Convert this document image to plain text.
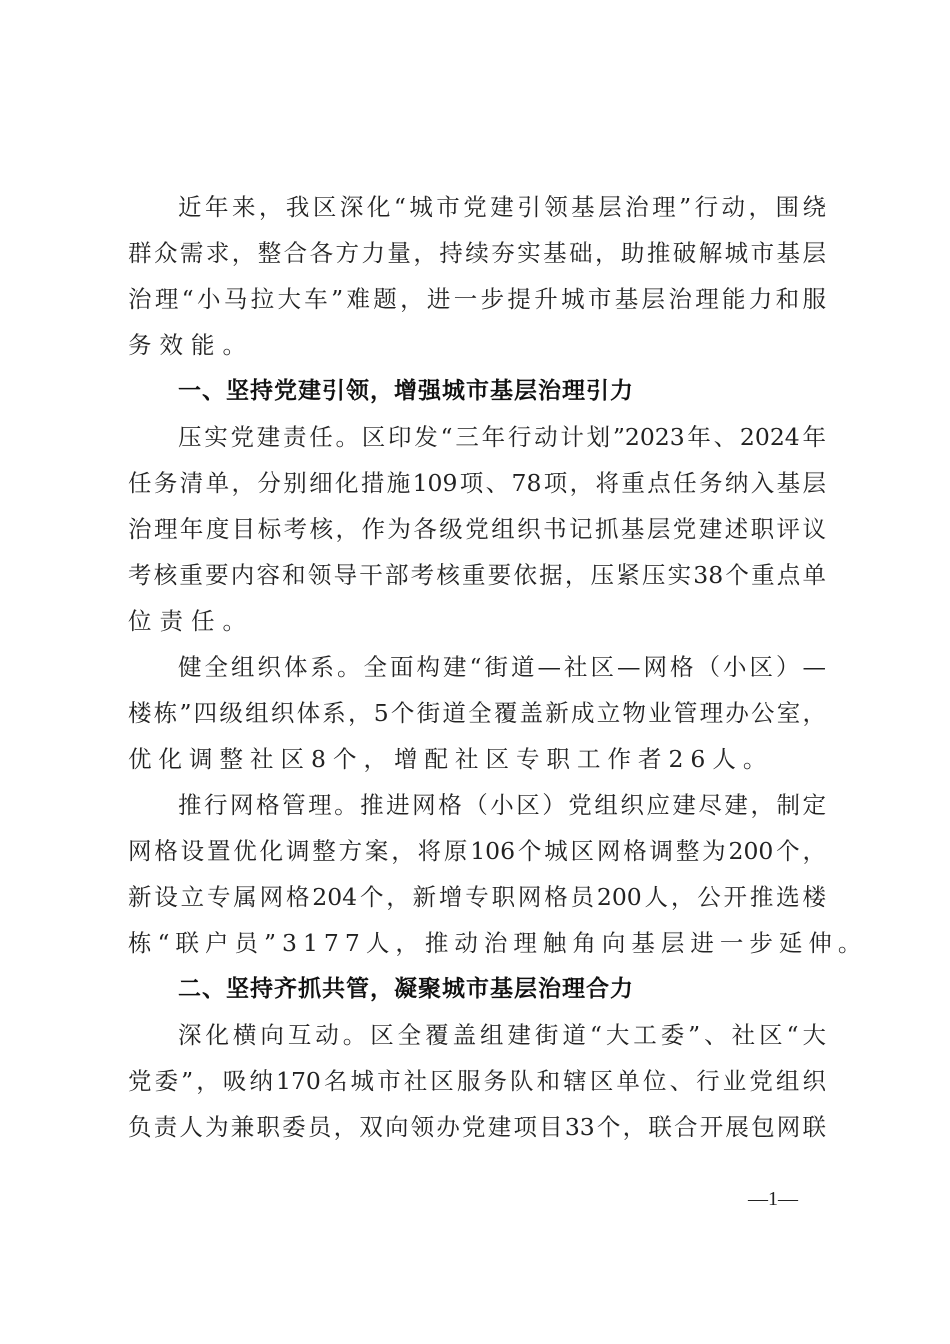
近年来，我区深化“城市党建引领基层治理”行动，围绕
群众需求，整合各方力量，持续夯实基础，助推破解城市基层
治理“小马拉大车”难题，进一步提升城市基层治理能力和服
务效能。
一、坚持党建引领，增强城市基层治理引力
压实党建责任。区印发“三年行动计划”2023年、2024年
任务清单，分别细化措施109项、78项，将重点任务纳入基层
治理年度目标考核，作为各级党组织书记抓基层党建述职评议
考核重要内容和领导干部考核重要依据，压紧压实38个重点单
位责任。
健全组织体系。全面构建“街道—社区—网格（小区）—
楼栋”四级组织体系，5个街道全覆盖新成立物业管理办公室，
优化调整社区8个，增配社区专职工作者26人。
推行网格管理。推进网格（小区）党组织应建尽建，制定
网格设置优化调整方案，将原106个城区网格调整为200个，
新设立专属网格204个，新增专职网格员200人，公开推选楼
栋“联户员”3177人，推动治理触角向基层进一步延伸。
二、坚持齐抓共管，凝聚城市基层治理合力
深化横向互动。区全覆盖组建街道“大工委”、社区“大
党委”，吸纳170名城市社区服务队和辖区单位、行业党组织
负责人为兼职委员，双向领办党建项目33个，联合开展包网联
—1—
